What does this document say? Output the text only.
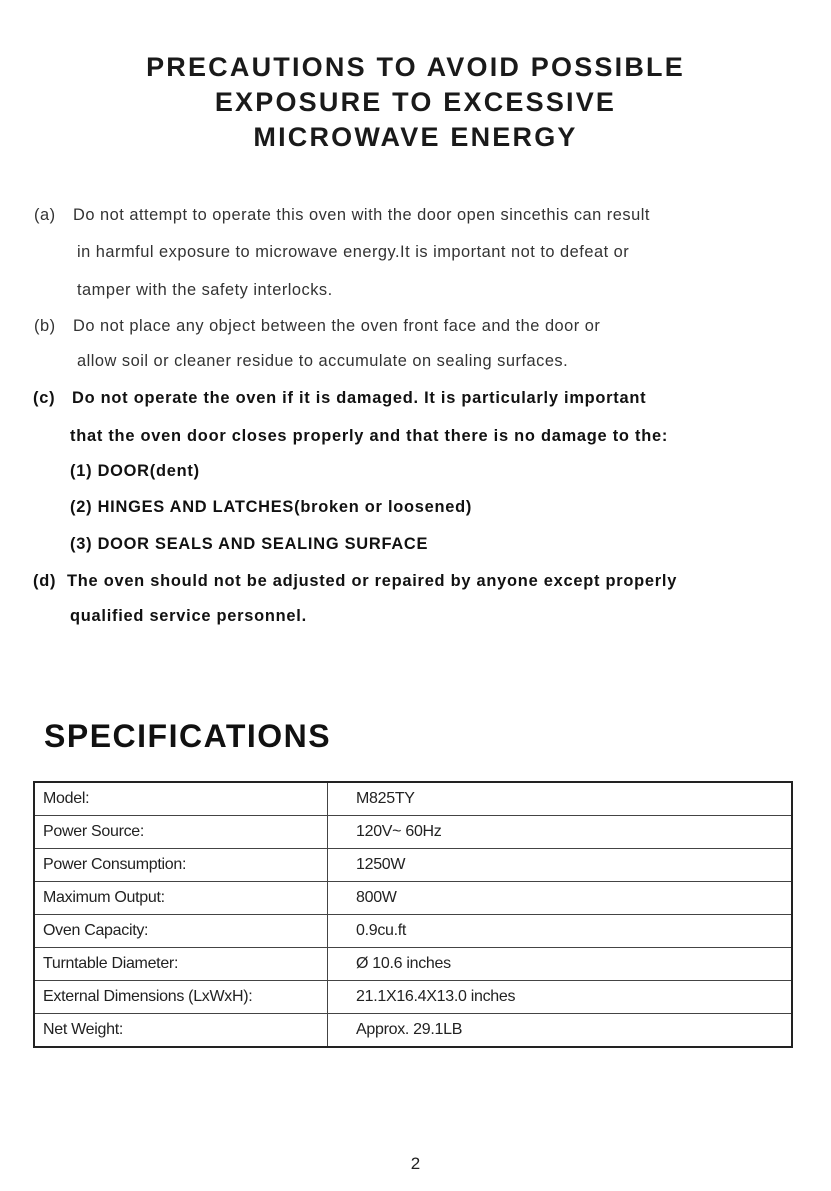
PRECAUTIONS TO AVOID POSSIBLE
EXPOSURE TO EXCESSIVE
MICROWAVE ENERGY
(a) Do not attempt to operate this oven with the door open sincethis can result
in harmful exposure to microwave energy.It is important not to defeat or
tamper with the safety interlocks.
(b) Do not place any object between the oven front face and the door or
allow soil or cleaner residue to accumulate on sealing surfaces.
(c) Do not operate the oven if it is damaged. It is particularly important
that the oven door closes properly and that there is no damage to the:
(1) DOOR(dent)
(2) HINGES AND LATCHES(broken or loosened)
(3) DOOR SEALS AND SEALING SURFACE
(d) The oven should not be adjusted or repaired by anyone except properly
qualified service personnel.
SPECIFICATIONS
Model:	M825TY
Power Source:	120V~ 60Hz
Power Consumption:	1250W
Maximum Output:	800W
Oven Capacity:	0.9cu.ft
Turntable Diameter:	Ø 10.6 inches
External Dimensions (LxWxH):	21.1X16.4X13.0 inches
Net Weight:	Approx. 29.1LB
2
